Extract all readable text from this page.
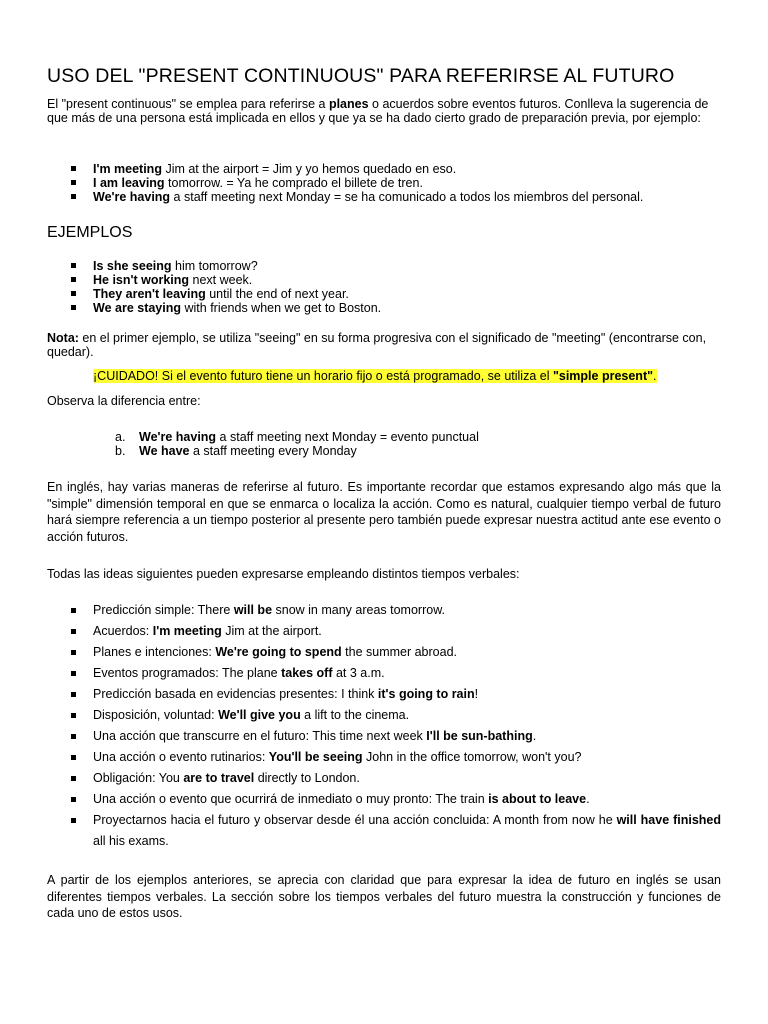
USO DEL "PRESENT CONTINUOUS" PARA REFERIRSE AL FUTURO

El "present continuous" se emplea para referirse a planes o acuerdos sobre eventos futuros. Conlleva la sugerencia de que más de una persona está implicada en ellos y que ya se ha dado cierto grado de preparación previa, por ejemplo:

I'm meeting Jim at the airport = Jim y yo hemos quedado en eso.
I am leaving tomorrow. = Ya he comprado el billete de tren.
We're having a staff meeting next Monday = se ha comunicado a todos los miembros del personal.
EJEMPLOS
Is she seeing him tomorrow?
He isn't working next week.
They aren't leaving until the end of next year.
We are staying with friends when we get to Boston.

Nota: en el primer ejemplo, se utiliza "seeing" en su forma progresiva con el significado de "meeting" (encontrarse con, quedar).

¡CUIDADO! Si el evento futuro tiene un horario fijo o está programado, se utiliza el "simple present".

Observa la diferencia entre:

a. We're having a staff meeting next Monday = evento punctual
b. We have a staff meeting every Monday

En inglés, hay varias maneras de referirse al futuro. Es importante recordar que estamos expresando algo más que la "simple" dimensión temporal en que se enmarca o localiza la acción. Como es natural, cualquier tiempo verbal de futuro hará siempre referencia a un tiempo posterior al presente pero también puede expresar nuestra actitud ante ese evento o acción futuros.

Todas las ideas siguientes pueden expresarse empleando distintos tiempos verbales:

Predicción simple: There will be snow in many areas tomorrow.
Acuerdos: I'm meeting Jim at the airport.
Planes e intenciones: We're going to spend the summer abroad.
Eventos programados: The plane takes off at 3 a.m.
Predicción basada en evidencias presentes: I think it's going to rain!
Disposición, voluntad: We'll give you a lift to the cinema.
Una acción que transcurre en el futuro: This time next week I'll be sun-bathing.
Una acción o evento rutinarios: You'll be seeing John in the office tomorrow, won't you?
Obligación: You are to travel directly to London.
Una acción o evento que ocurrirá de inmediato o muy pronto: The train is about to leave.
Proyectarnos hacia el futuro y observar desde él una acción concluida: A month from now he will have finished all his exams.

A partir de los ejemplos anteriores, se aprecia con claridad que para expresar la idea de futuro en inglés se usan diferentes tiempos verbales. La sección sobre los tiempos verbales del futuro muestra la construcción y funciones de cada uno de estos usos.
